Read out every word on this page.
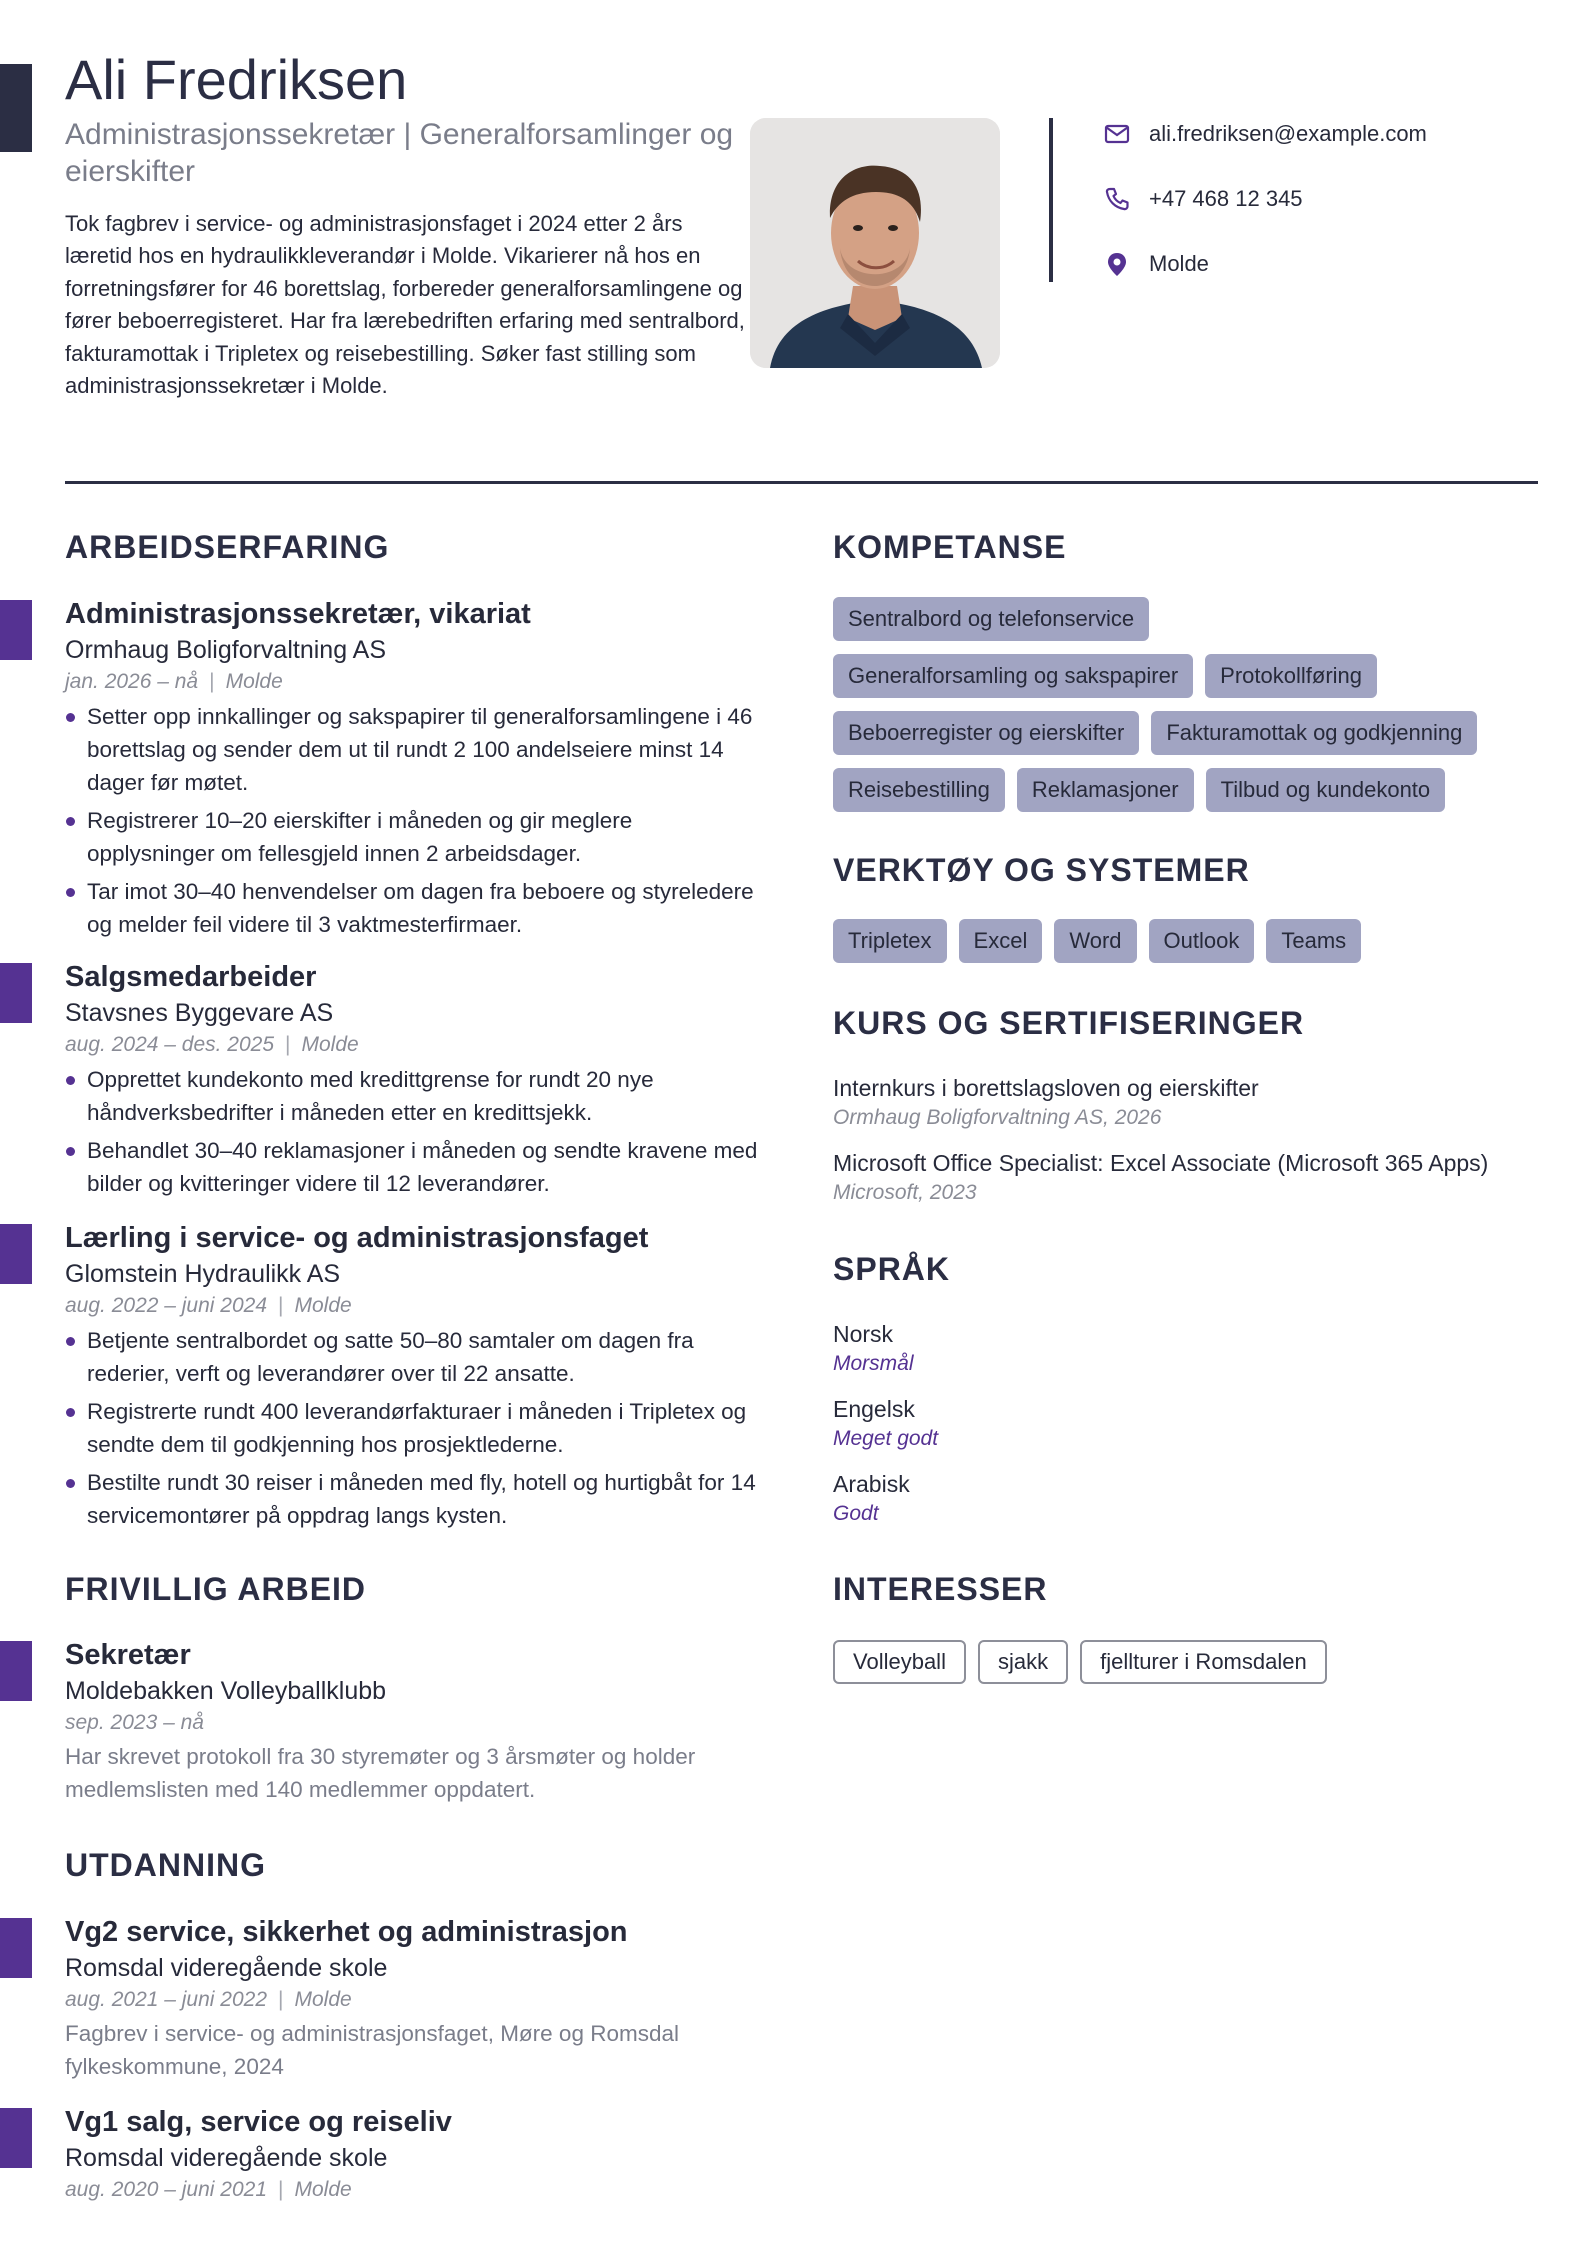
Ali Fredriksen
Administrasjonssekretær | Generalforsamlinger og eierskifter
Tok fagbrev i service- og administrasjonsfaget i 2024 etter 2 års læretid hos en hydraulikkleverandør i Molde. Vikarierer nå hos en forretningsfører for 46 borettslag, forbereder generalforsamlingene og fører beboerregisteret. Har fra lærebedriften erfaring med sentralbord, fakturamottak i Tripletex og reisebestilling. Søker fast stilling som administrasjonssekretær i Molde.
ali.fredriksen@example.com
+47 468 12 345
Molde
ARBEIDSERFARING
Administrasjonssekretær, vikariat
Ormhaug Boligforvaltning AS
jan. 2026 – nå | Molde
Setter opp innkallinger og sakspapirer til generalforsamlingene i 46 borettslag og sender dem ut til rundt 2 100 andelseiere minst 14 dager før møtet.
Registrerer 10–20 eierskifter i måneden og gir meglere opplysninger om fellesgjeld innen 2 arbeidsdager.
Tar imot 30–40 henvendelser om dagen fra beboere og styreledere og melder feil videre til 3 vaktmesterfirmaer.
Salgsmedarbeider
Stavsnes Byggevare AS
aug. 2024 – des. 2025 | Molde
Opprettet kundekonto med kredittgrense for rundt 20 nye håndverksbedrifter i måneden etter en kredittsjekk.
Behandlet 30–40 reklamasjoner i måneden og sendte kravene med bilder og kvitteringer videre til 12 leverandører.
Lærling i service- og administrasjonsfaget
Glomstein Hydraulikk AS
aug. 2022 – juni 2024 | Molde
Betjente sentralbordet og satte 50–80 samtaler om dagen fra rederier, verft og leverandører over til 22 ansatte.
Registrerte rundt 400 leverandørfakturaer i måneden i Tripletex og sendte dem til godkjenning hos prosjektlederne.
Bestilte rundt 30 reiser i måneden med fly, hotell og hurtigbåt for 14 servicemontører på oppdrag langs kysten.
FRIVILLIG ARBEID
Sekretær
Moldebakken Volleyballklubb
sep. 2023 – nå
Har skrevet protokoll fra 30 styremøter og 3 årsmøter og holder medlemslisten med 140 medlemmer oppdatert.
UTDANNING
Vg2 service, sikkerhet og administrasjon
Romsdal videregående skole
aug. 2021 – juni 2022 | Molde
Fagbrev i service- og administrasjonsfaget, Møre og Romsdal fylkeskommune, 2024
Vg1 salg, service og reiseliv
Romsdal videregående skole
aug. 2020 – juni 2021 | Molde
KOMPETANSE
Sentralbord og telefonservice
Generalforsamling og sakspapirer	Protokollføring
Beboerregister og eierskifter	Fakturamottak og godkjenning
Reisebestilling	Reklamasjoner	Tilbud og kundekonto
VERKTØY OG SYSTEMER
Tripletex	Excel	Word	Outlook	Teams
KURS OG SERTIFISERINGER
Internkurs i borettslagsloven og eierskifter
Ormhaug Boligforvaltning AS, 2026
Microsoft Office Specialist: Excel Associate (Microsoft 365 Apps)
Microsoft, 2023
SPRÅK
Norsk
Morsmål
Engelsk
Meget godt
Arabisk
Godt
INTERESSER
Volleyball	sjakk	fjellturer i Romsdalen
